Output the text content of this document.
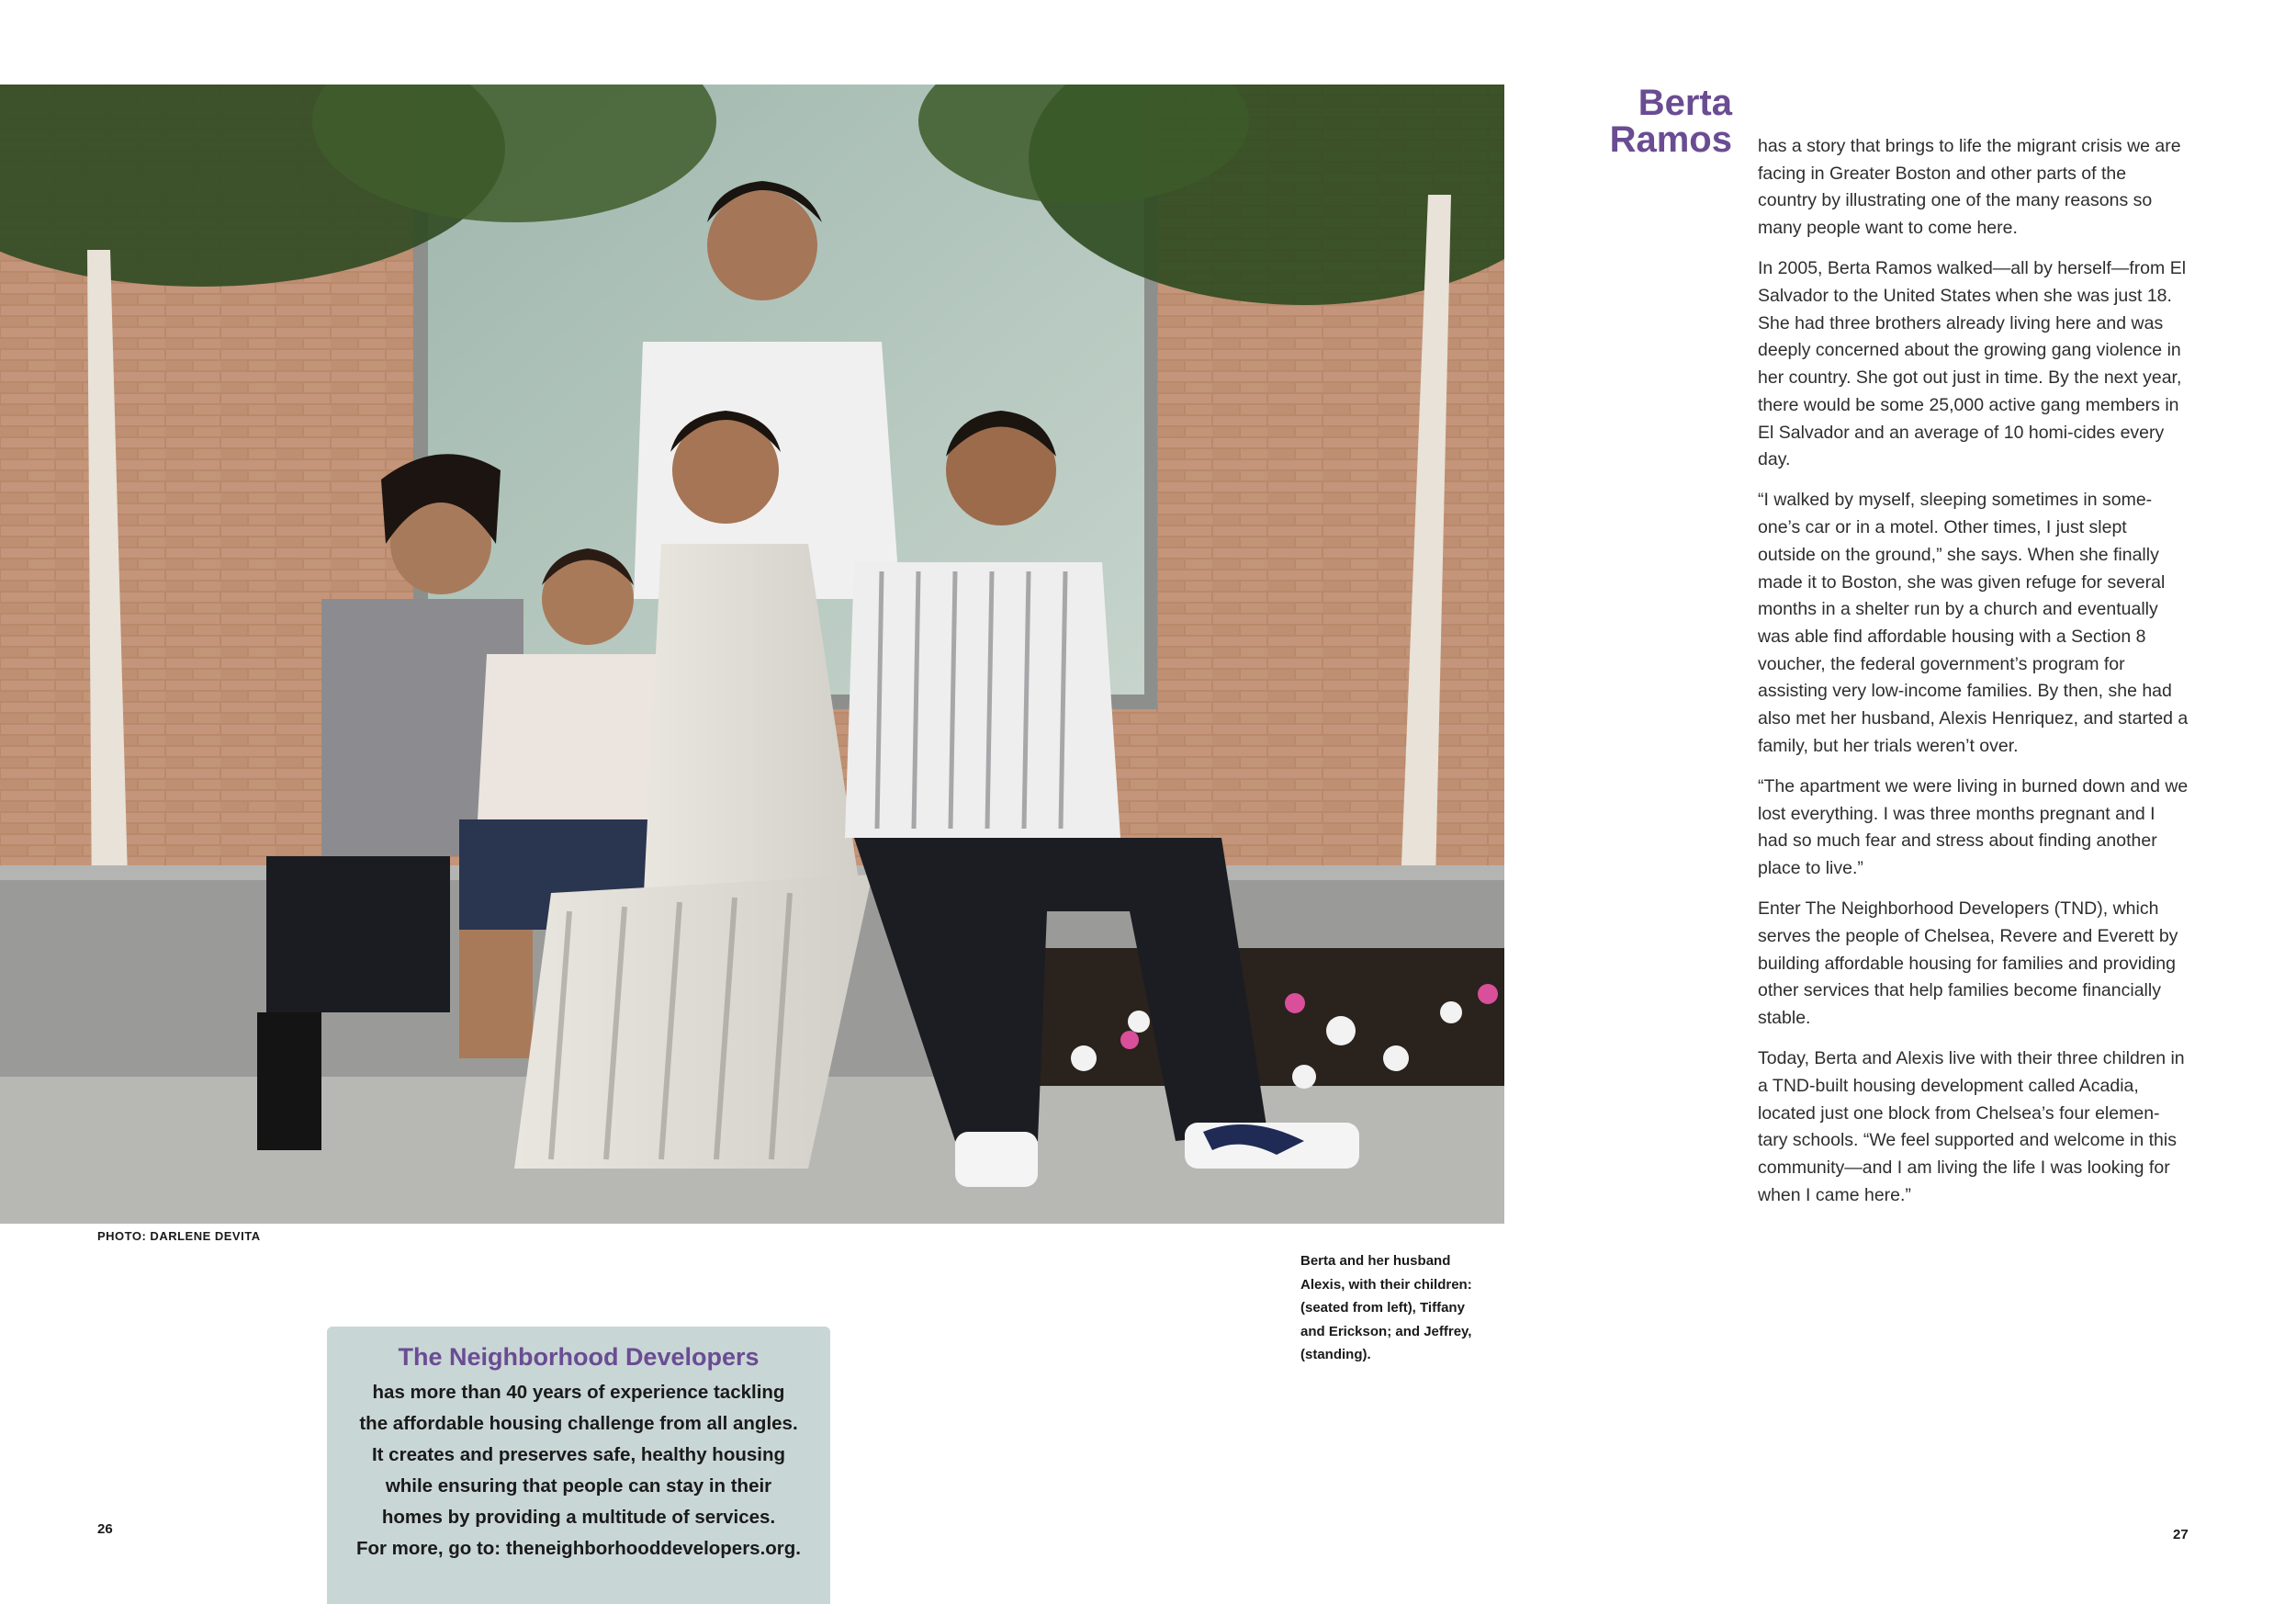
PHOTO: DARLENE DEVITA
Berta and her husband
Alexis, with their children:
(seated from left), Tiffany
and Erickson; and Jeffrey,
(standing).
The Neighborhood Developers
has more than 40 years of experience tackling
the affordable housing challenge from all angles.
It creates and preserves safe, healthy housing
while ensuring that people can stay in their
homes by providing a multitude of services.
For more, go to: theneighborhooddevelopers.org.
26	27
Berta
Ramos has a story that brings to life the migrant crisis we are facing in Greater Boston and other parts of the country by illustrating one of the many reasons so many people want to come here.

In 2005, Berta Ramos walked—all by herself—from El Salvador to the United States when she was just 18. She had three brothers already living here and was deeply concerned about the growing gang violence in her country. She got out just in time. By the next year, there would be some 25,000 active gang members in El Salvador and an average of 10 homi-cides every day.

“I walked by myself, sleeping sometimes in some-one’s car or in a motel. Other times, I just slept outside on the ground,” she says. When she finally made it to Boston, she was given refuge for several months in a shelter run by a church and eventually was able find affordable housing with a Section 8 voucher, the federal government’s program for assisting very low-income families. By then, she had also met her husband, Alexis Henriquez, and started a family, but her trials weren’t over.

“The apartment we were living in burned down and we lost everything. I was three months pregnant and I had so much fear and stress about finding another place to live.”

Enter The Neighborhood Developers (TND), which serves the people of Chelsea, Revere and Everett by building affordable housing for families and providing other services that help families become financially stable.

Today, Berta and Alexis live with their three children in a TND-built housing development called Acadia, located just one block from Chelsea’s four elemen-tary schools. “We feel supported and welcome in this community—and I am living the life I was looking for when I came here.”
